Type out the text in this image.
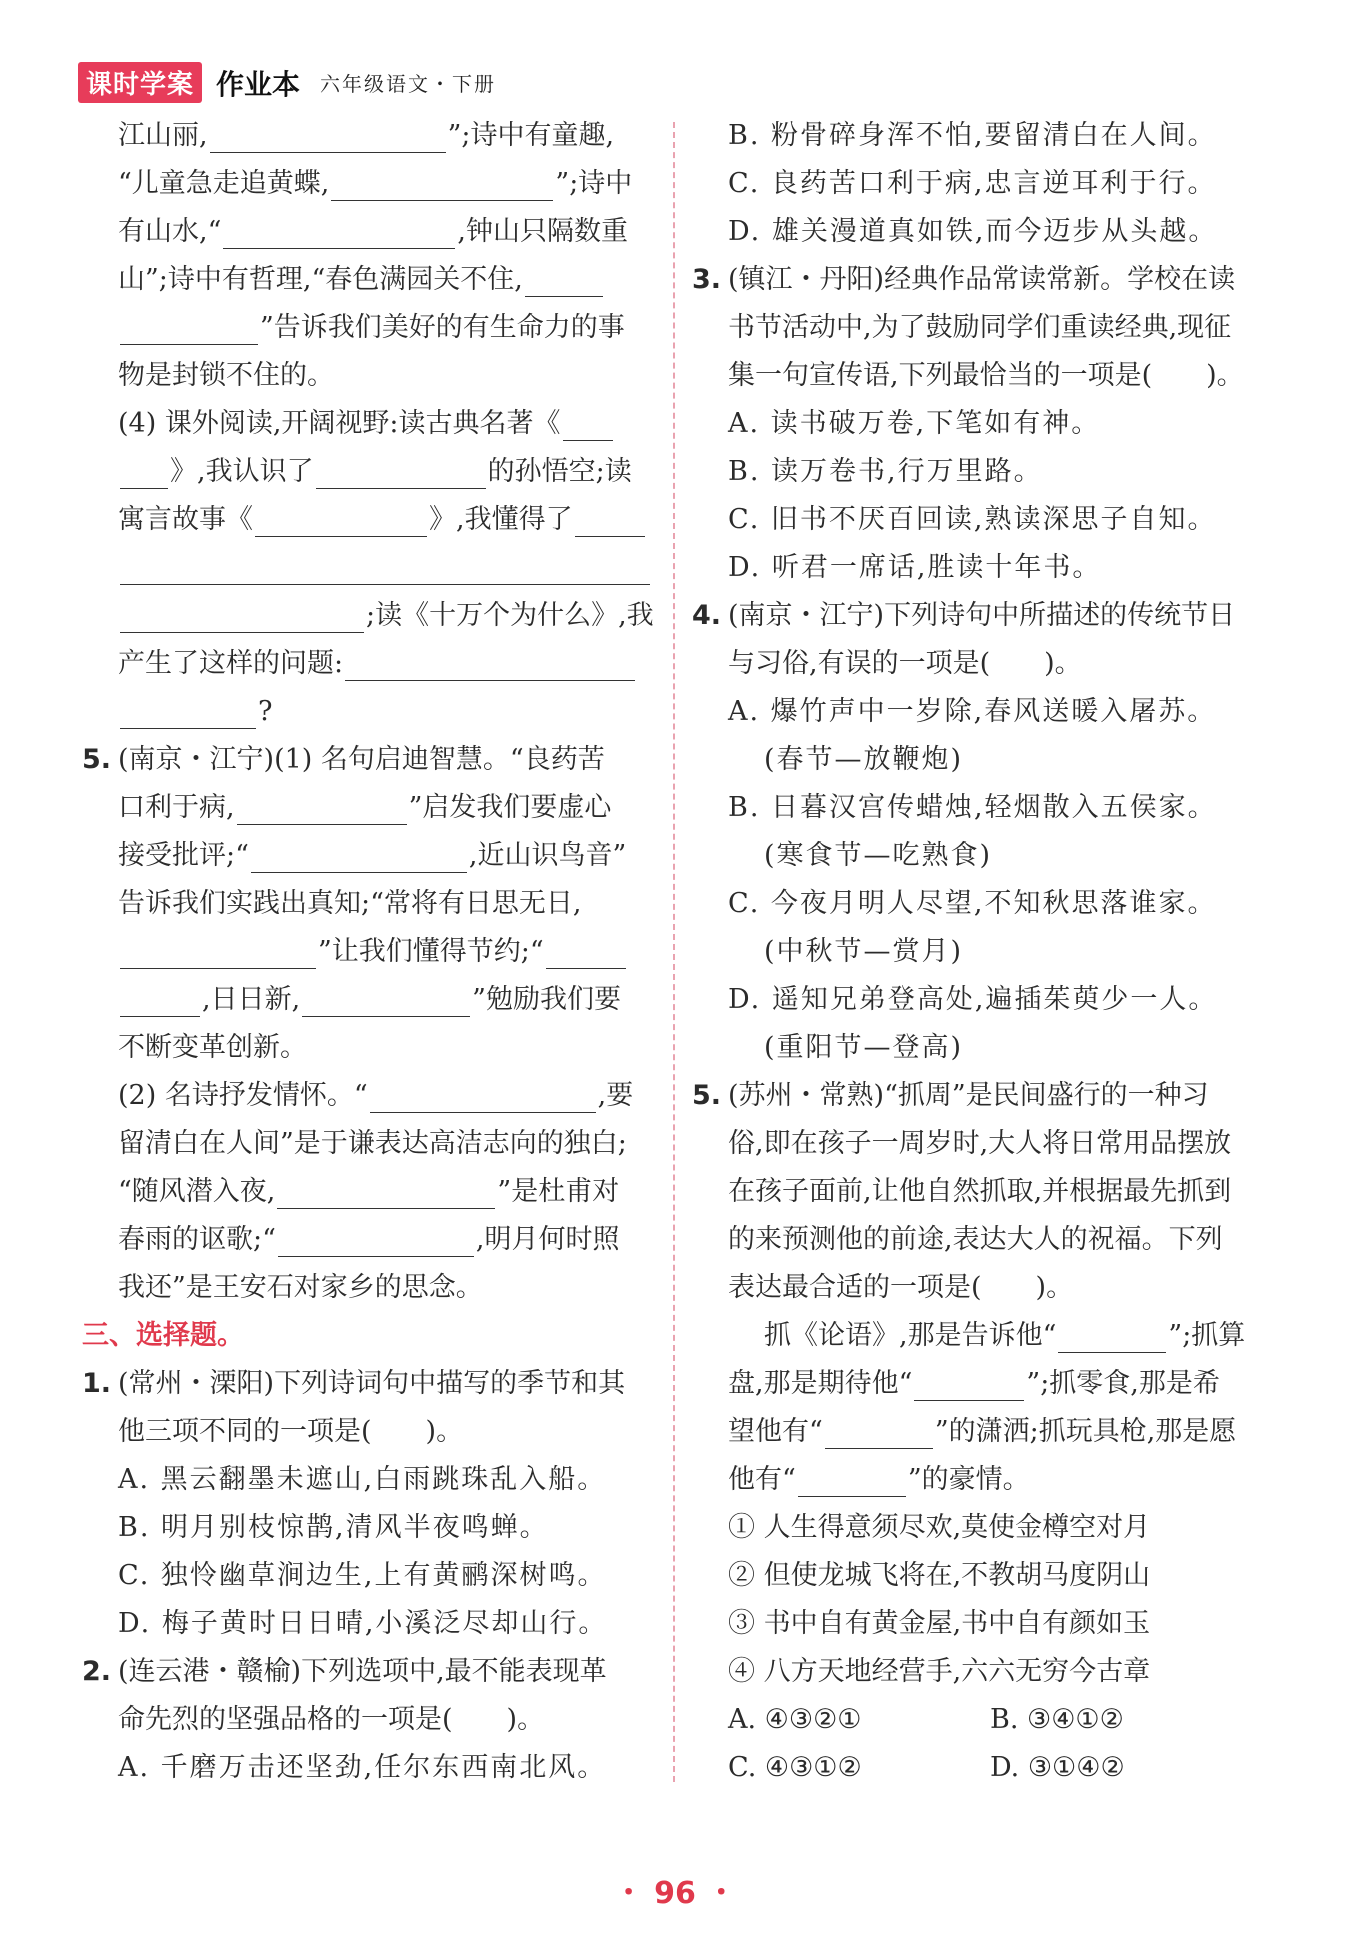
课时学案 作业本 六年级语文・下册
江山丽,	”;诗中有童趣,
“儿童急走追黄蝶,	”;诗中
有山水,“	,钟山只隔数重
山”;诗中有哲理,“春色满园关不住,
”告诉我们美好的有生命力的事
物是封锁不住的。
(4) 课外阅读,开阔视野:读古典名著《
》,我认识了	的孙悟空;读
寓言故事《	》,我懂得了
;读《十万个为什么》,我
产生了这样的问题:
?
5. (南京・江宁)(1) 名句启迪智慧。“良药苦
口利于病,	”启发我们要虚心
接受批评;“	,近山识鸟音”
告诉我们实践出真知;“常将有日思无日,
”让我们懂得节约;“
,日日新,	”勉励我们要
不断变革创新。
(2) 名诗抒发情怀。“	,要
留清白在人间”是于谦表达高洁志向的独白;
“随风潜入夜,	”是杜甫对
春雨的讴歌;“	,明月何时照
我还”是王安石对家乡的思念。
三、选择题。
1. (常州・溧阳)下列诗词句中描写的季节和其
他三项不同的一项是(　　)。
A. 黑云翻墨未遮山,白雨跳珠乱入船。
B. 明月别枝惊鹊,清风半夜鸣蝉。
C. 独怜幽草涧边生,上有黄鹂深树鸣。
D. 梅子黄时日日晴,小溪泛尽却山行。
2. (连云港・赣榆)下列选项中,最不能表现革
命先烈的坚强品格的一项是(　　)。
A. 千磨万击还坚劲,任尔东西南北风。
B. 粉骨碎身浑不怕,要留清白在人间。
C. 良药苦口利于病,忠言逆耳利于行。
D. 雄关漫道真如铁,而今迈步从头越。
3. (镇江・丹阳)经典作品常读常新。学校在读
书节活动中,为了鼓励同学们重读经典,现征
集一句宣传语,下列最恰当的一项是(　　)。
A. 读书破万卷,下笔如有神。
B. 读万卷书,行万里路。
C. 旧书不厌百回读,熟读深思子自知。
D. 听君一席话,胜读十年书。
4. (南京・江宁)下列诗句中所描述的传统节日
与习俗,有误的一项是(　　)。
A. 爆竹声中一岁除,春风送暖入屠苏。
(春节—放鞭炮)
B. 日暮汉宫传蜡烛,轻烟散入五侯家。
(寒食节—吃熟食)
C. 今夜月明人尽望,不知秋思落谁家。
(中秋节—赏月)
D. 遥知兄弟登高处,遍插茱萸少一人。
(重阳节—登高)
5. (苏州・常熟)“抓周”是民间盛行的一种习
俗,即在孩子一周岁时,大人将日常用品摆放
在孩子面前,让他自然抓取,并根据最先抓到
的来预测他的前途,表达大人的祝福。下列
表达最合适的一项是(　　)。
抓《论语》,那是告诉他“	”;抓算
盘,那是期待他“	”;抓零食,那是希
望他有“	”的潇洒;抓玩具枪,那是愿
他有“	”的豪情。
① 人生得意须尽欢,莫使金樽空对月
② 但使龙城飞将在,不教胡马度阴山
③ 书中自有黄金屋,书中自有颜如玉
④ 八方天地经营手,六六无穷今古章
A. ④③②①	B. ③④①②
C. ④③①②	D. ③①④②
・ 96 ・
